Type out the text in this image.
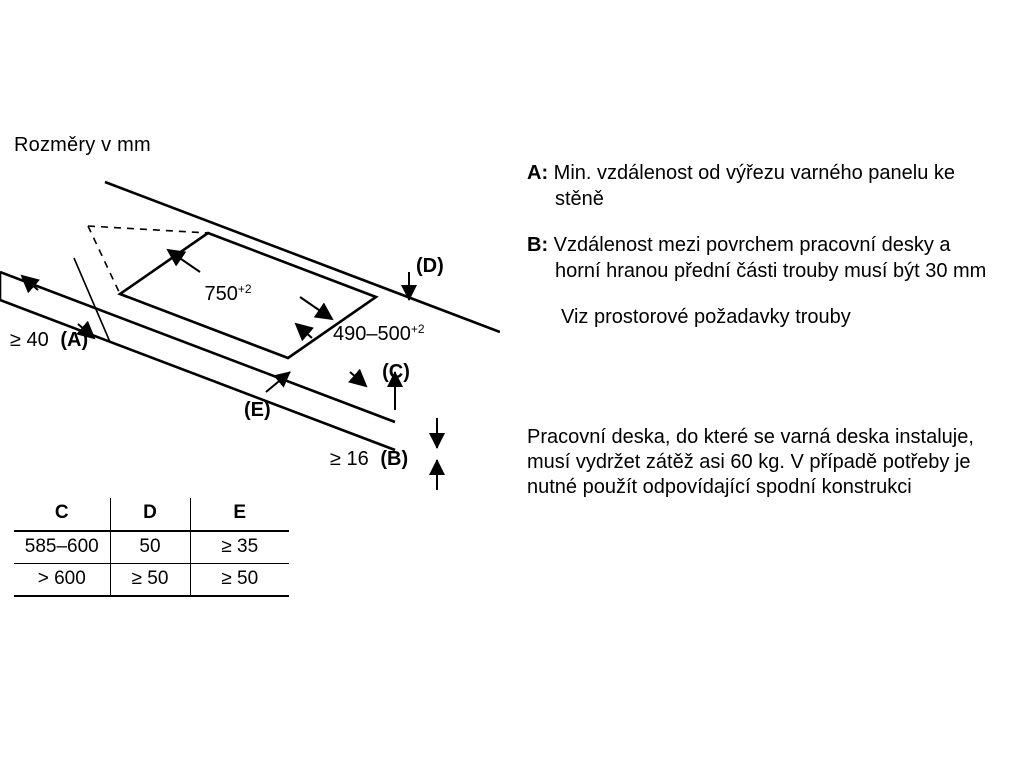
Rozměry v mm
$750^{+2}$
$490-500^{+2}$
≥ 40 (A)
(D)
(C)
(E)
≥ 16 (B)
C	D	E
585–600	50	≥ 35
> 600	≥ 50	≥ 50
A: Min. vzdálenost od výřezu varného panelu ke stěně
B: Vzdálenost mezi povrchem pracovní desky a horní hranou přední části trouby musí být 30 mm
Viz prostorové požadavky trouby
Pracovní deska, do které se varná deska instaluje, musí vydržet zátěž asi 60 kg. V případě potřeby je nutné použít odpovídající spodní konstrukci
